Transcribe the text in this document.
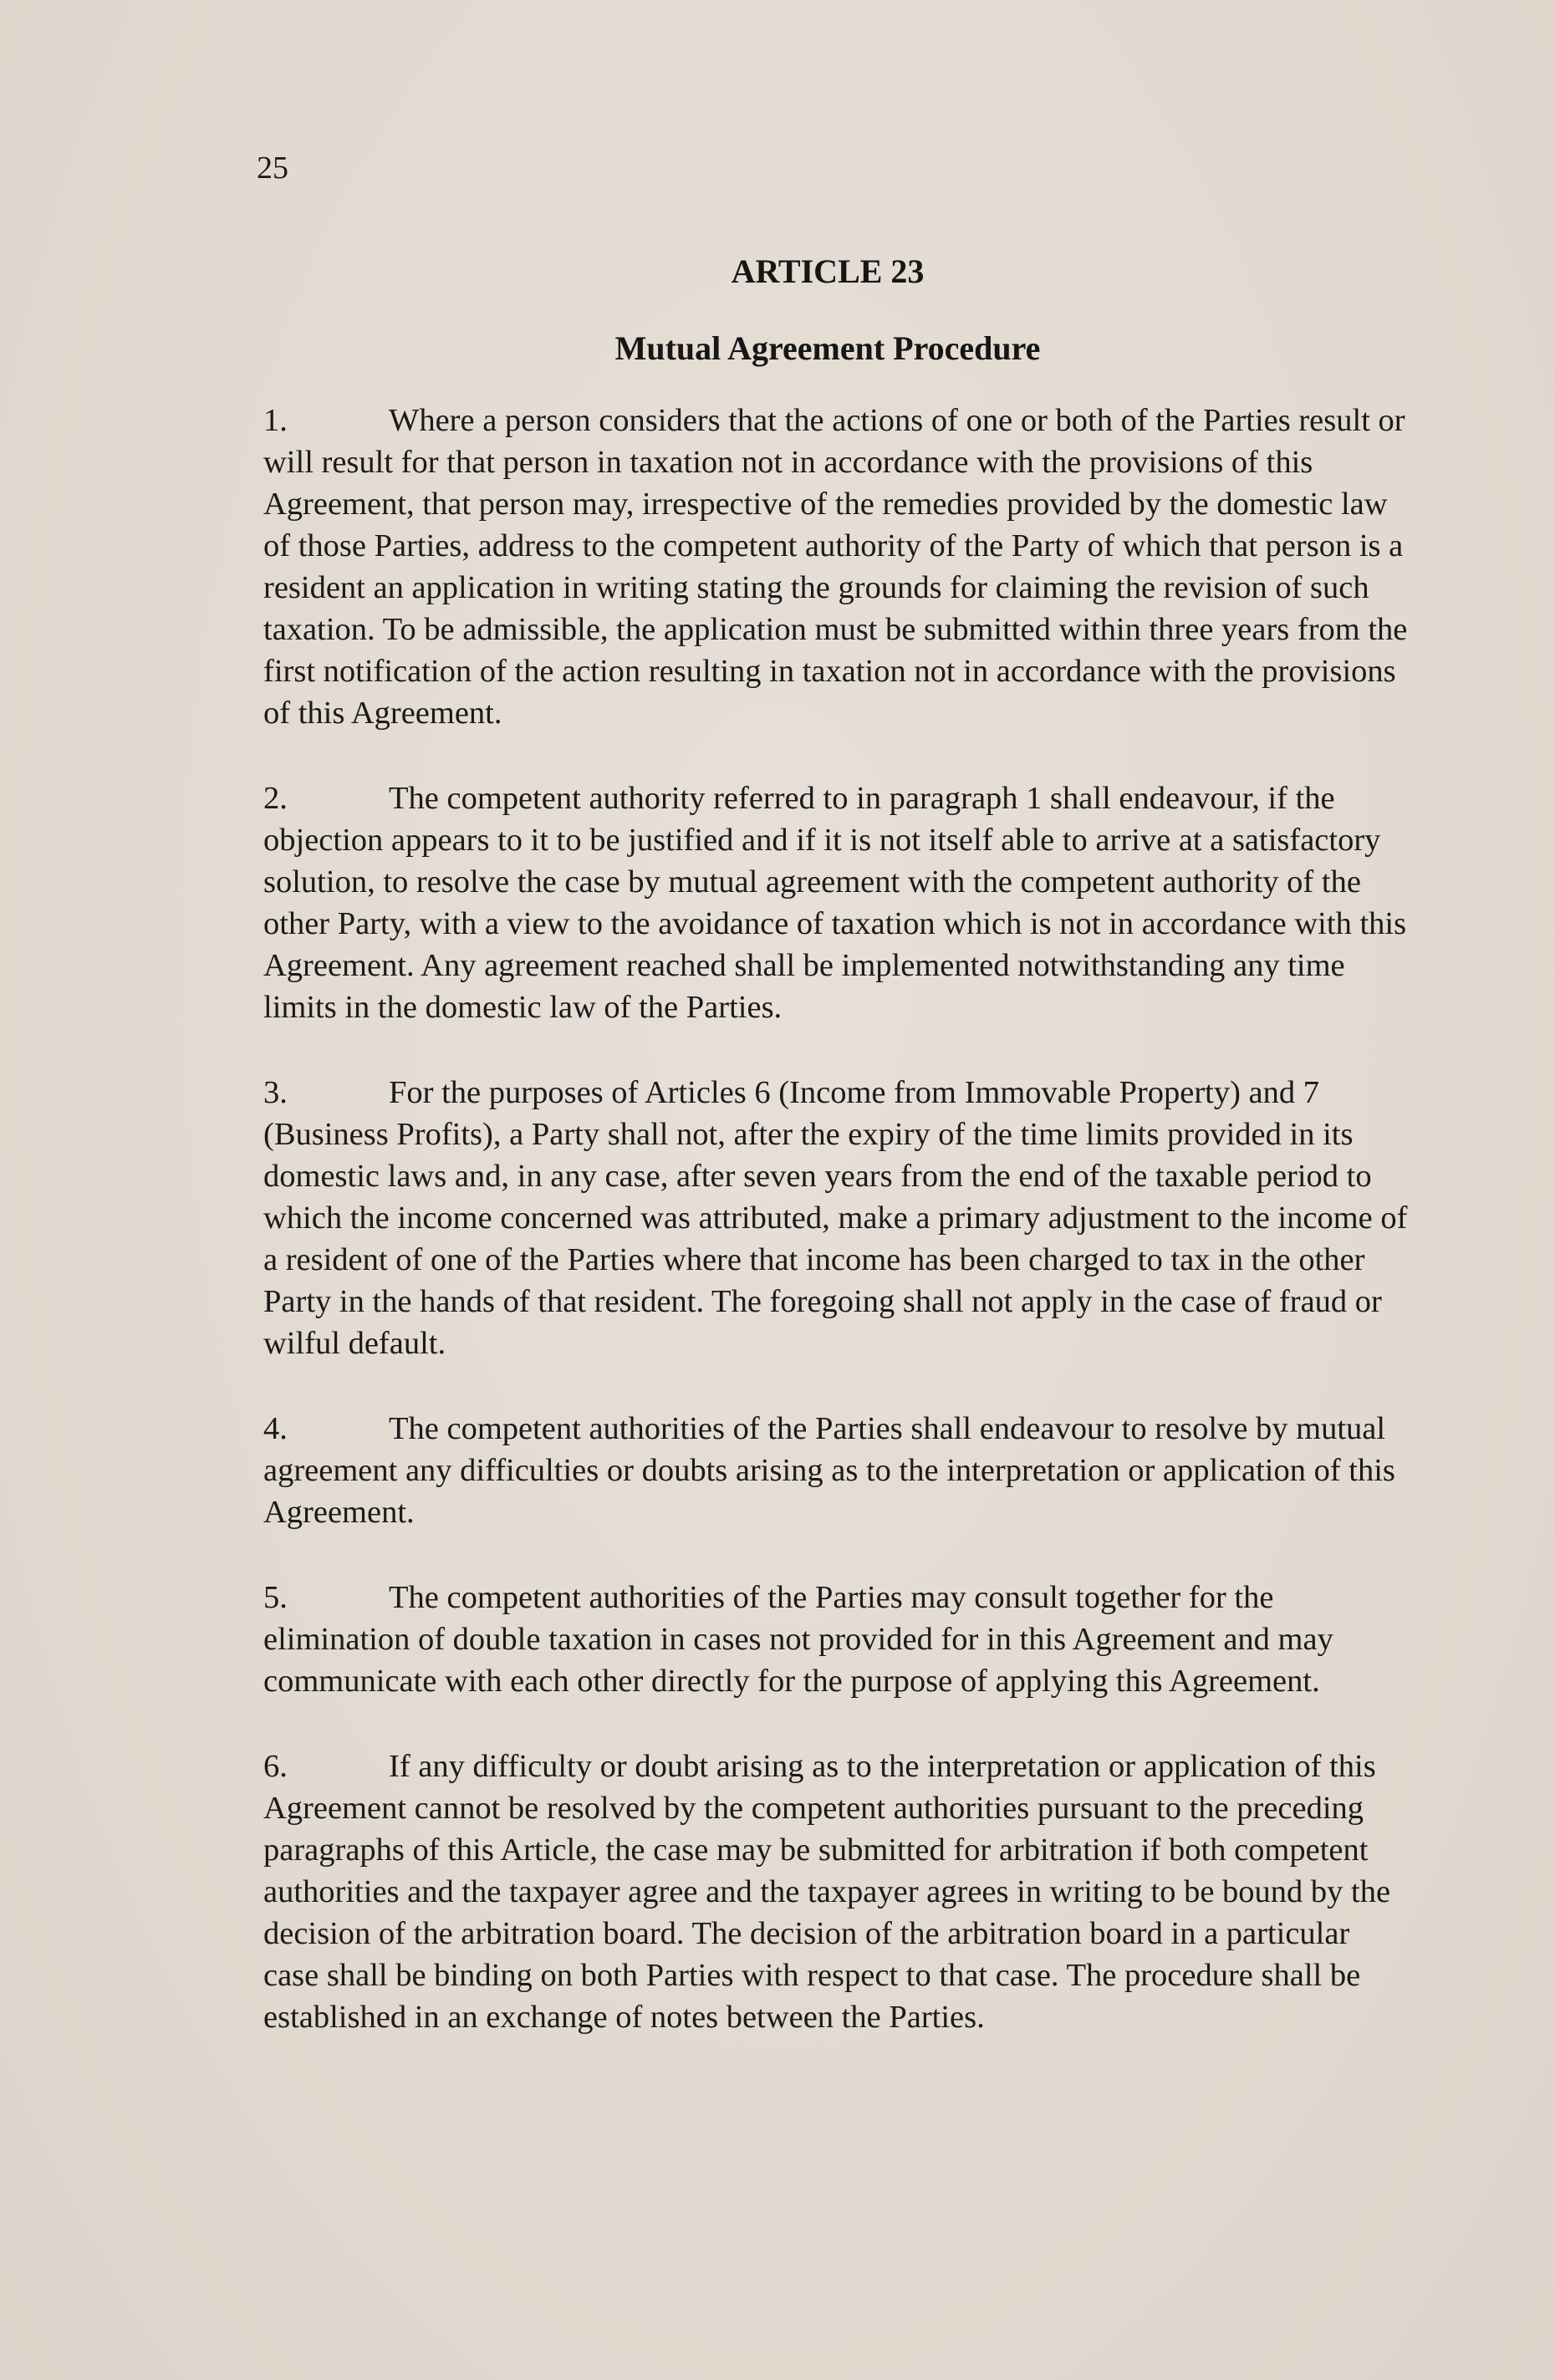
25
ARTICLE 23
Mutual Agreement Procedure

1.	Where a person considers that the actions of one or both of the Parties result or will result for that person in taxation not in accordance with the provisions of this Agreement, that person may, irrespective of the remedies provided by the domestic law of those Parties, address to the competent authority of the Party of which that person is a resident an application in writing stating the grounds for claiming the revision of such taxation. To be admissible, the application must be submitted within three years from the first notification of the action resulting in taxation not in accordance with the provisions of this Agreement.

2.	The competent authority referred to in paragraph 1 shall endeavour, if the objection appears to it to be justified and if it is not itself able to arrive at a satisfactory solution, to resolve the case by mutual agreement with the competent authority of the other Party, with a view to the avoidance of taxation which is not in accordance with this Agreement. Any agreement reached shall be implemented notwithstanding any time limits in the domestic law of the Parties.

3.	For the purposes of Articles 6 (Income from Immovable Property) and 7 (Business Profits), a Party shall not, after the expiry of the time limits provided in its domestic laws and, in any case, after seven years from the end of the taxable period to which the income concerned was attributed, make a primary adjustment to the income of a resident of one of the Parties where that income has been charged to tax in the other Party in the hands of that resident. The foregoing shall not apply in the case of fraud or wilful default.

4.	The competent authorities of the Parties shall endeavour to resolve by mutual agreement any difficulties or doubts arising as to the interpretation or application of this Agreement.

5.	The competent authorities of the Parties may consult together for the elimination of double taxation in cases not provided for in this Agreement and may communicate with each other directly for the purpose of applying this Agreement.

6.	If any difficulty or doubt arising as to the interpretation or application of this Agreement cannot be resolved by the competent authorities pursuant to the preceding paragraphs of this Article, the case may be submitted for arbitration if both competent authorities and the taxpayer agree and the taxpayer agrees in writing to be bound by the decision of the arbitration board. The decision of the arbitration board in a particular case shall be binding on both Parties with respect to that case. The procedure shall be established in an exchange of notes between the Parties.
